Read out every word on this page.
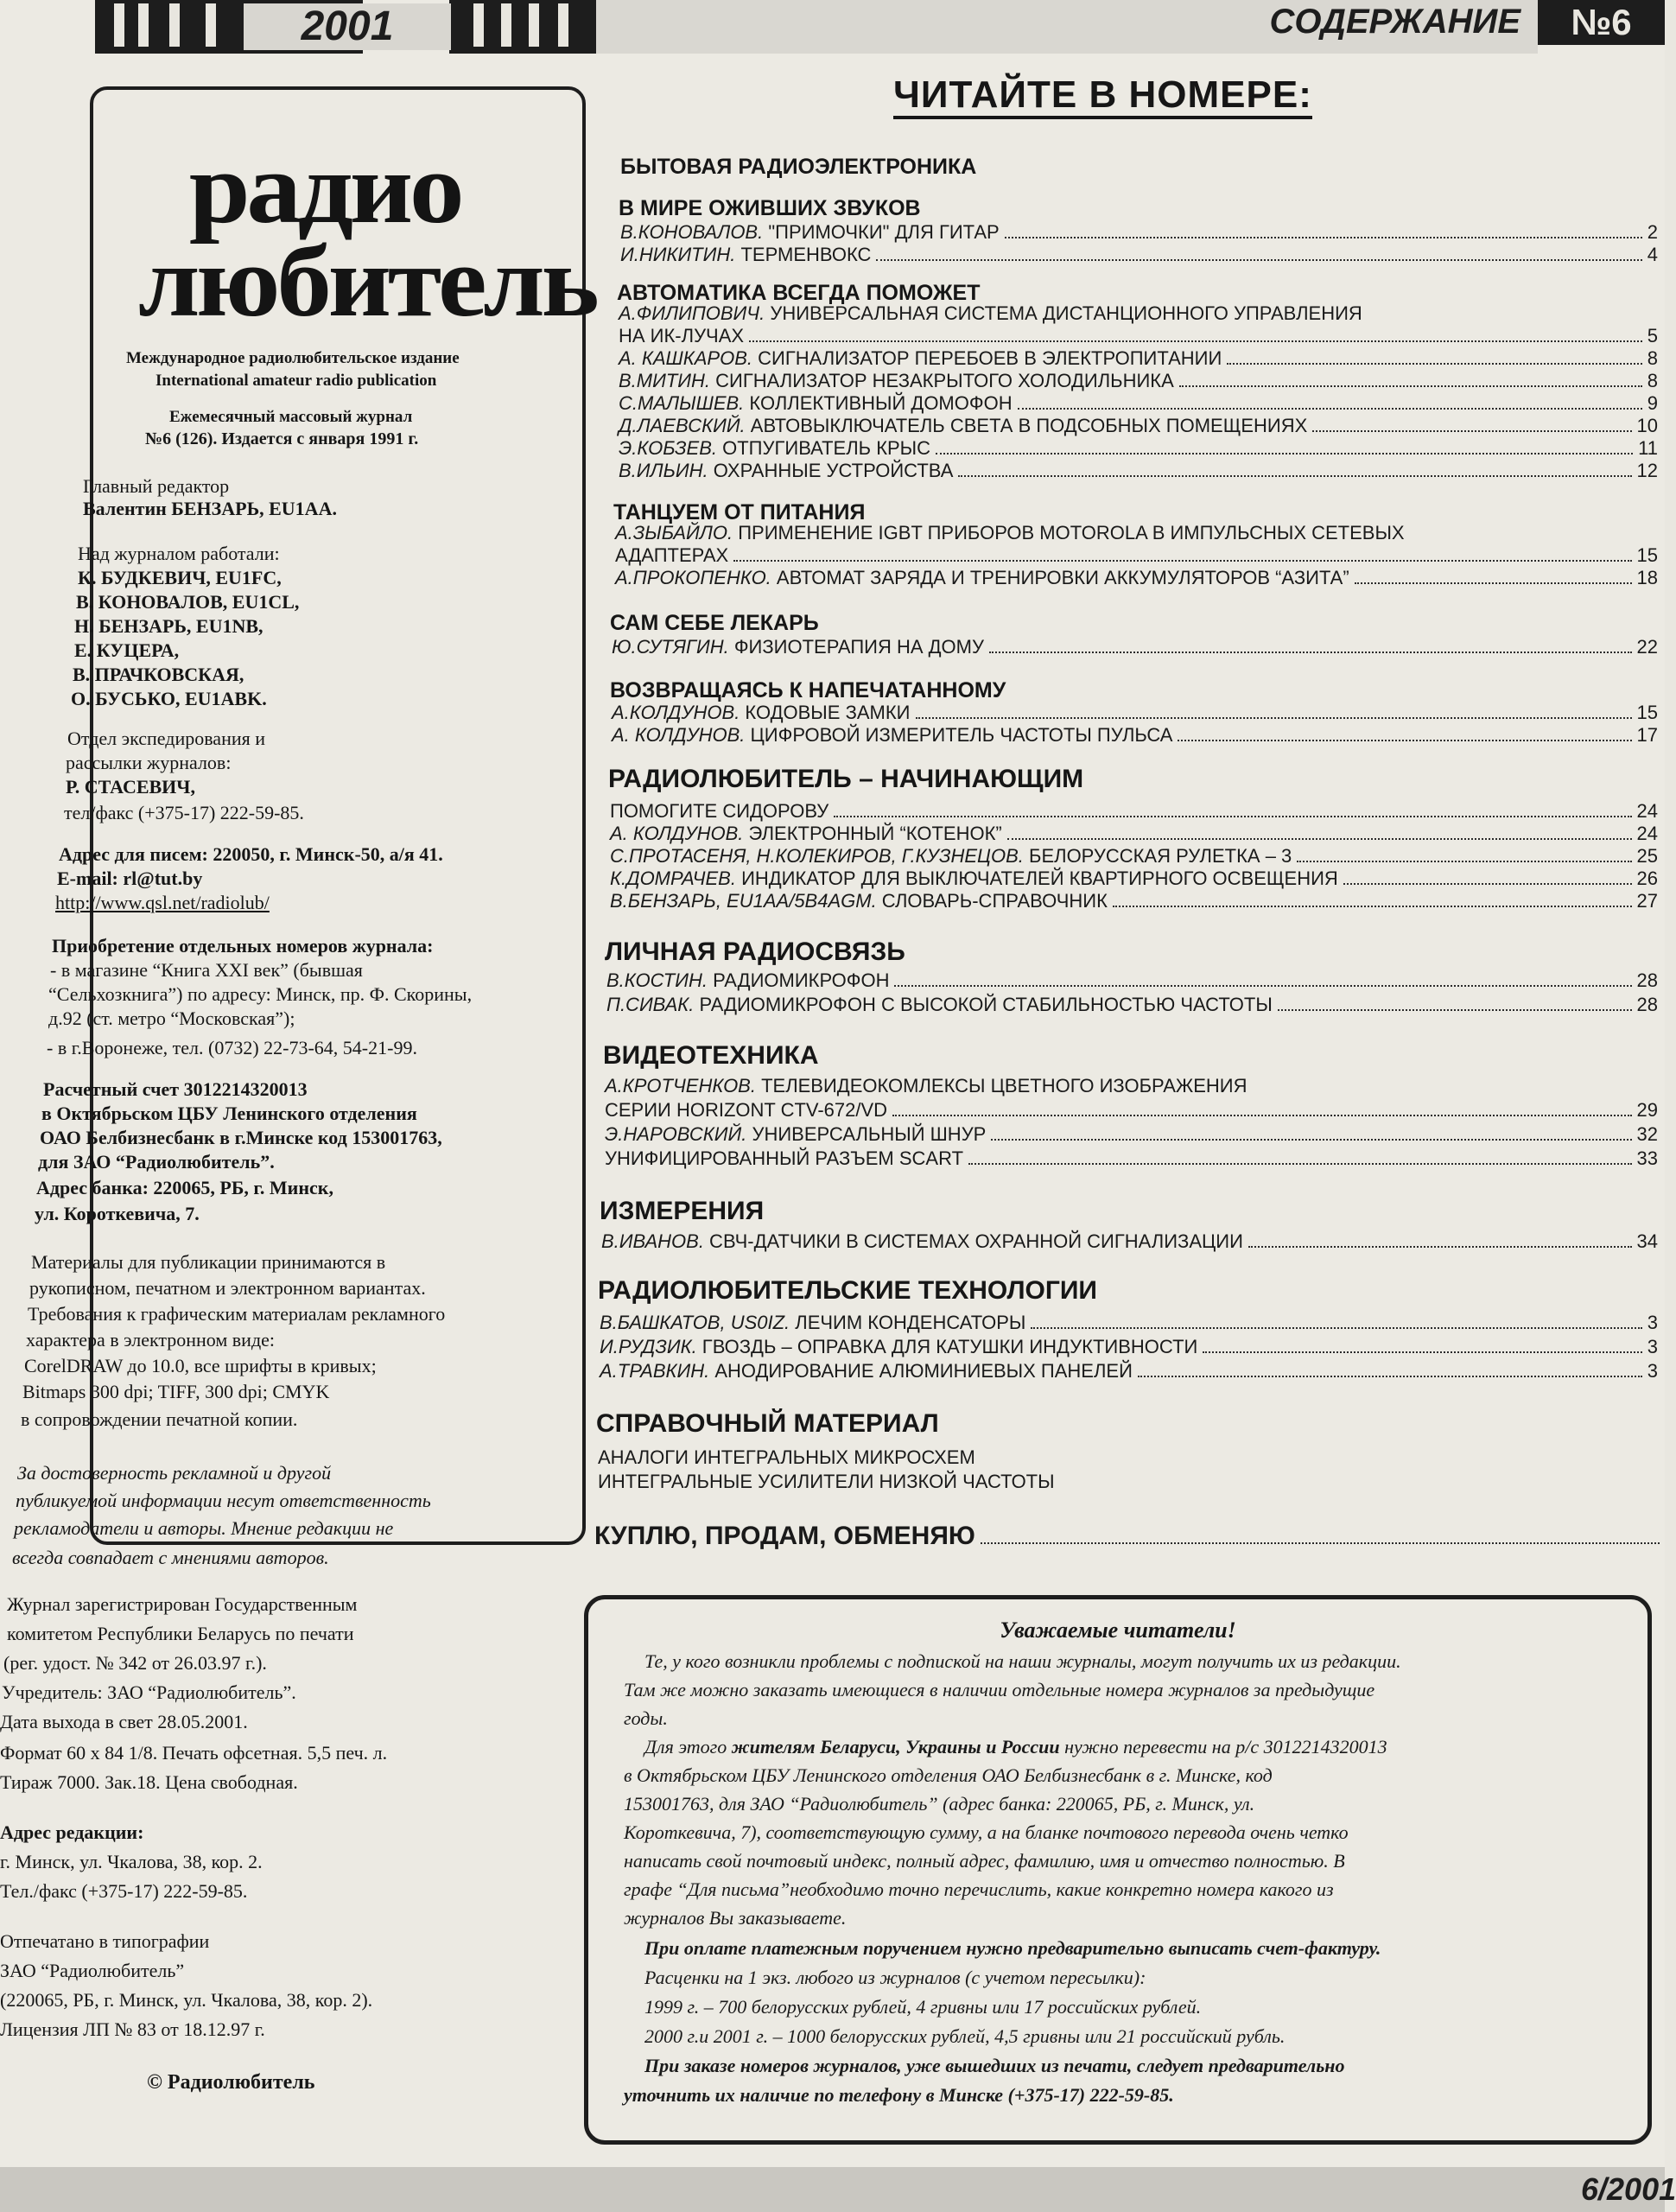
2001	СОДЕРЖАНИЕ	№6
радио
любитель
Международное радиолюбительское издание
International amateur radio publication
Ежемесячный массовый журнал
№6 (126). Издается с января 1991 г.
Главный редактор
Валентин БЕНЗАРЬ, EU1AA.
Над журналом работали:
К. БУДКЕВИЧ, EU1FC,
В. КОНОВАЛОВ, EU1CL,
Н. БЕНЗАРЬ, EU1NB,
Е. КУЦЕРА,
В. ПРАЧКОВСКАЯ,
О. БУСЬКО, EU1ABK.
Отдел экспедирования и
рассылки журналов:
Р. СТАСЕВИЧ,
тел/факс (+375-17) 222-59-85.
Адрес для писем: 220050, г. Минск-50, а/я 41.
E-mail: rl@tut.by
http://www.qsl.net/radiolub/
Приобретение отдельных номеров журнала:
- в магазине “Книга XXI век” (бывшая
“Сельхозкнига”) по адресу: Минск, пр. Ф. Скорины,
д.92 (ст. метро “Московская”);
- в г.Воронеже, тел. (0732) 22-73-64, 54-21-99.
Расчетный счет 3012214320013
в Октябрьском ЦБУ Ленинского отделения
ОАО Белбизнесбанк в г.Минске код 153001763,
для ЗАО “Радиолюбитель”.
Адрес банка: 220065, РБ, г. Минск,
ул. Короткевича, 7.
Материалы для публикации принимаются в
рукописном, печатном и электронном вариантах.
Требования к графическим материалам рекламного
характера в электронном виде:
CorelDRAW до 10.0, все шрифты в кривых;
Bitmaps 300 dpi; TIFF, 300 dpi; CMYK
в сопровождении печатной копии.
За достоверность рекламной и другой
публикуемой информации несут ответственность
рекламодатели и авторы. Мнение редакции не
всегда совпадает с мнениями авторов.
Журнал зарегистрирован Государственным
комитетом Республики Беларусь по печати
(рег. удост. № 342 от 26.03.97 г.).
Учредитель: ЗАО “Радиолюбитель”.
Дата выхода в свет 28.05.2001.
Формат 60 х 84 1/8. Печать офсетная. 5,5 печ. л.
Тираж 7000. Зак.18. Цена свободная.
Адрес редакции:
г. Минск, ул. Чкалова, 38, кор. 2.
Тел./факс (+375-17) 222-59-85.
Отпечатано в типографии
ЗАО “Радиолюбитель”
(220065, РБ, г. Минск, ул. Чкалова, 38, кор. 2).
Лицензия ЛП № 83 от 18.12.97 г.
© Радиолюбитель
ЧИТАЙТЕ В НОМЕРЕ:
БЫТОВАЯ РАДИОЭЛЕКТРОНИКА
В МИРЕ ОЖИВШИХ ЗВУКОВ
В.КОНОВАЛОВ. "ПРИМОЧКИ" ДЛЯ ГИТАР	2
И.НИКИТИН. ТЕРМЕНВОКС	4
АВТОМАТИКА ВСЕГДА ПОМОЖЕТ
А.ФИЛИПОВИЧ. УНИВЕРСАЛЬНАЯ СИСТЕМА ДИСТАНЦИОННОГО УПРАВЛЕНИЯ
НА ИК-ЛУЧАХ	5
А. КАШКАРОВ. СИГНАЛИЗАТОР ПЕРЕБОЕВ В ЭЛЕКТРОПИТАНИИ	8
В.МИТИН. СИГНАЛИЗАТОР НЕЗАКРЫТОГО ХОЛОДИЛЬНИКА	8
С.МАЛЫШЕВ. КОЛЛЕКТИВНЫЙ ДОМОФОН	9
Д.ЛАЕВСКИЙ. АВТОВЫКЛЮЧАТЕЛЬ СВЕТА В ПОДСОБНЫХ ПОМЕЩЕНИЯХ	10
Э.КОБЗЕВ. ОТПУГИВАТЕЛЬ КРЫС	11
В.ИЛЬИН. ОХРАННЫЕ УСТРОЙСТВА	12
ТАНЦУЕМ ОТ ПИТАНИЯ
А.ЗЫБАЙЛО. ПРИМЕНЕНИЕ IGBT ПРИБОРОВ MOTOROLA В ИМПУЛЬСНЫХ СЕТЕВЫХ
АДАПТЕРАХ	15
А.ПРОКОПЕНКО. АВТОМАТ ЗАРЯДА И ТРЕНИРОВКИ АККУМУЛЯТОРОВ “АЗИТА”	18
САМ СЕБЕ ЛЕКАРЬ
Ю.СУТЯГИН. ФИЗИОТЕРАПИЯ НА ДОМУ	22
ВОЗВРАЩАЯСЬ К НАПЕЧАТАННОМУ
А.КОЛДУНОВ. КОДОВЫЕ ЗАМКИ	15
А. КОЛДУНОВ. ЦИФРОВОЙ ИЗМЕРИТЕЛЬ ЧАСТОТЫ ПУЛЬСА	17
РАДИОЛЮБИТЕЛЬ – НАЧИНАЮЩИМ
ПОМОГИТЕ СИДОРОВУ	24
А. КОЛДУНОВ. ЭЛЕКТРОННЫЙ “КОТЕНОК”	24
С.ПРОТАСЕНЯ, Н.КОЛЕКИРОВ, Г.КУЗНЕЦОВ. БЕЛОРУССКАЯ РУЛЕТКА – 3	25
К.ДОМРАЧЕВ. ИНДИКАТОР ДЛЯ ВЫКЛЮЧАТЕЛЕЙ КВАРТИРНОГО ОСВЕЩЕНИЯ	26
В.БЕНЗАРЬ, EU1AA/5B4AGM. СЛОВАРЬ-СПРАВОЧНИК	27
ЛИЧНАЯ РАДИОСВЯЗЬ
В.КОСТИН. РАДИОМИКРОФОН	28
П.СИВАК. РАДИОМИКРОФОН С ВЫСОКОЙ СТАБИЛЬНОСТЬЮ ЧАСТОТЫ	28
ВИДЕОТЕХНИКА
А.КРОТЧЕНКОВ. ТЕЛЕВИДЕОКОМЛЕКСЫ ЦВЕТНОГО ИЗОБРАЖЕНИЯ
СЕРИИ HORIZONT CTV-672/VD	29
Э.НАРОВСКИЙ. УНИВЕРСАЛЬНЫЙ ШНУР	32
УНИФИЦИРОВАННЫЙ РАЗЪЕМ SCART	33
ИЗМЕРЕНИЯ
В.ИВАНОВ. СВЧ-ДАТЧИКИ В СИСТЕМАХ ОХРАННОЙ СИГНАЛИЗАЦИИ	34
РАДИОЛЮБИТЕЛЬСКИЕ ТЕХНОЛОГИИ
В.БАШКАТОВ, US0IZ. ЛЕЧИМ КОНДЕНСАТОРЫ	3
И.РУДЗИК. ГВОЗДЬ – ОПРАВКА ДЛЯ КАТУШКИ ИНДУКТИВНОСТИ	3
А.ТРАВКИН. АНОДИРОВАНИЕ АЛЮМИНИЕВЫХ ПАНЕЛЕЙ	3
СПРАВОЧНЫЙ МАТЕРИАЛ
АНАЛОГИ ИНТЕГРАЛЬНЫХ МИКРОСХЕМ
ИНТЕГРАЛЬНЫЕ УСИЛИТЕЛИ НИЗКОЙ ЧАСТОТЫ
КУПЛЮ, ПРОДАМ, ОБМЕНЯЮ
Уважаемые читатели!
Те, у кого возникли проблемы с подпиской на наши журналы, могут получить их из редакции.
Там же можно заказать имеющиеся в наличии отдельные номера журналов за предыдущие
годы.
Для этого жителям Беларуси, Украины и России нужно перевести на р/с 3012214320013
в Октябрьском ЦБУ Ленинского отделения ОАО Белбизнесбанк в г. Минске, код
153001763, для ЗАО “Радиолюбитель” (адрес банка: 220065, РБ, г. Минск, ул.
Короткевича, 7), соответствующую сумму, а на бланке почтового перевода очень четко
написать свой почтовый индекс, полный адрес, фамилию, имя и отчество полностью. В
графе “Для письма”необходимо точно перечислить, какие конкретно номера какого из
журналов Вы заказываете.
При оплате платежным поручением нужно предварительно выписать счет-фактуру.
Расценки на 1 экз. любого из журналов (с учетом пересылки):
1999 г. – 700 белорусских рублей, 4 гривны или 17 российских рублей.
2000 г.и 2001 г. – 1000 белорусских рублей, 4,5 гривны или 21 российский рубль.
При заказе номеров журналов, уже вышедших из печати, следует предварительно
уточнить их наличие по телефону в Минске (+375-17) 222-59-85.
6/2001
